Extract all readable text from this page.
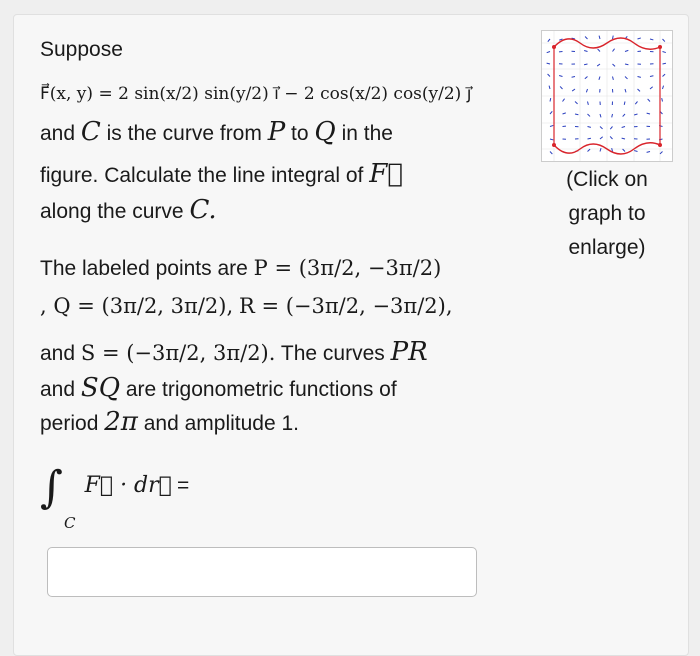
Suppose
F⃗(x, y) = 2 sin(x/2) sin(y/2) ı⃗ − 2 cos(x/2) cos(y/2) ȷ⃗
and C is the curve from P to Q in the
figure. Calculate the line integral of F⃗
along the curve C.
The labeled points are P = (3π/2, −3π/2)
, Q = (3π/2, 3π/2), R = (−3π/2, −3π/2),
and S = (−3π/2, 3π/2). The curves PR
and SQ are trigonometric functions of
period 2π and amplitude 1.
∫ C F⃗ · dr⃗ =
(Click on graph to enlarge)
